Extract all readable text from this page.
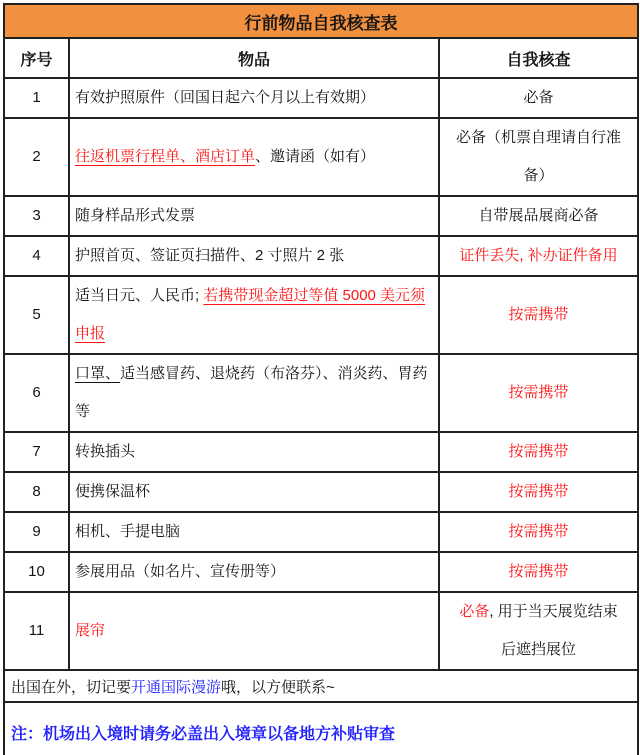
行前物品自我核查表		
序号	物品	自我核查
1	有效护照原件（回国日起六个月以上有效期）	必备
2	往返机票行程单、酒店订单、邀请函（如有）	必备（机票自理请自行准备）
3	随身样品形式发票	自带展品展商必备
4	护照首页、签证页扫描件、2 寸照片 2 张	证件丢失, 补办证件备用
5	适当日元、人民币; 若携带现金超过等值 5000 美元须申报	按需携带
6	口罩、适当感冒药、退烧药（布洛芬）、消炎药、胃药等	按需携带
7	转换插头	按需携带
8	便携保温杯	按需携带
9	相机、手提电脑	按需携带
10	参展用品（如名片、宣传册等）	按需携带
11	展帘	必备, 用于当天展览结束后遮挡展位
出国在外，切记要开通国际漫游哦，以方便联系~		
注：机场出入境时请务必盖出入境章以备地方补贴审查		
